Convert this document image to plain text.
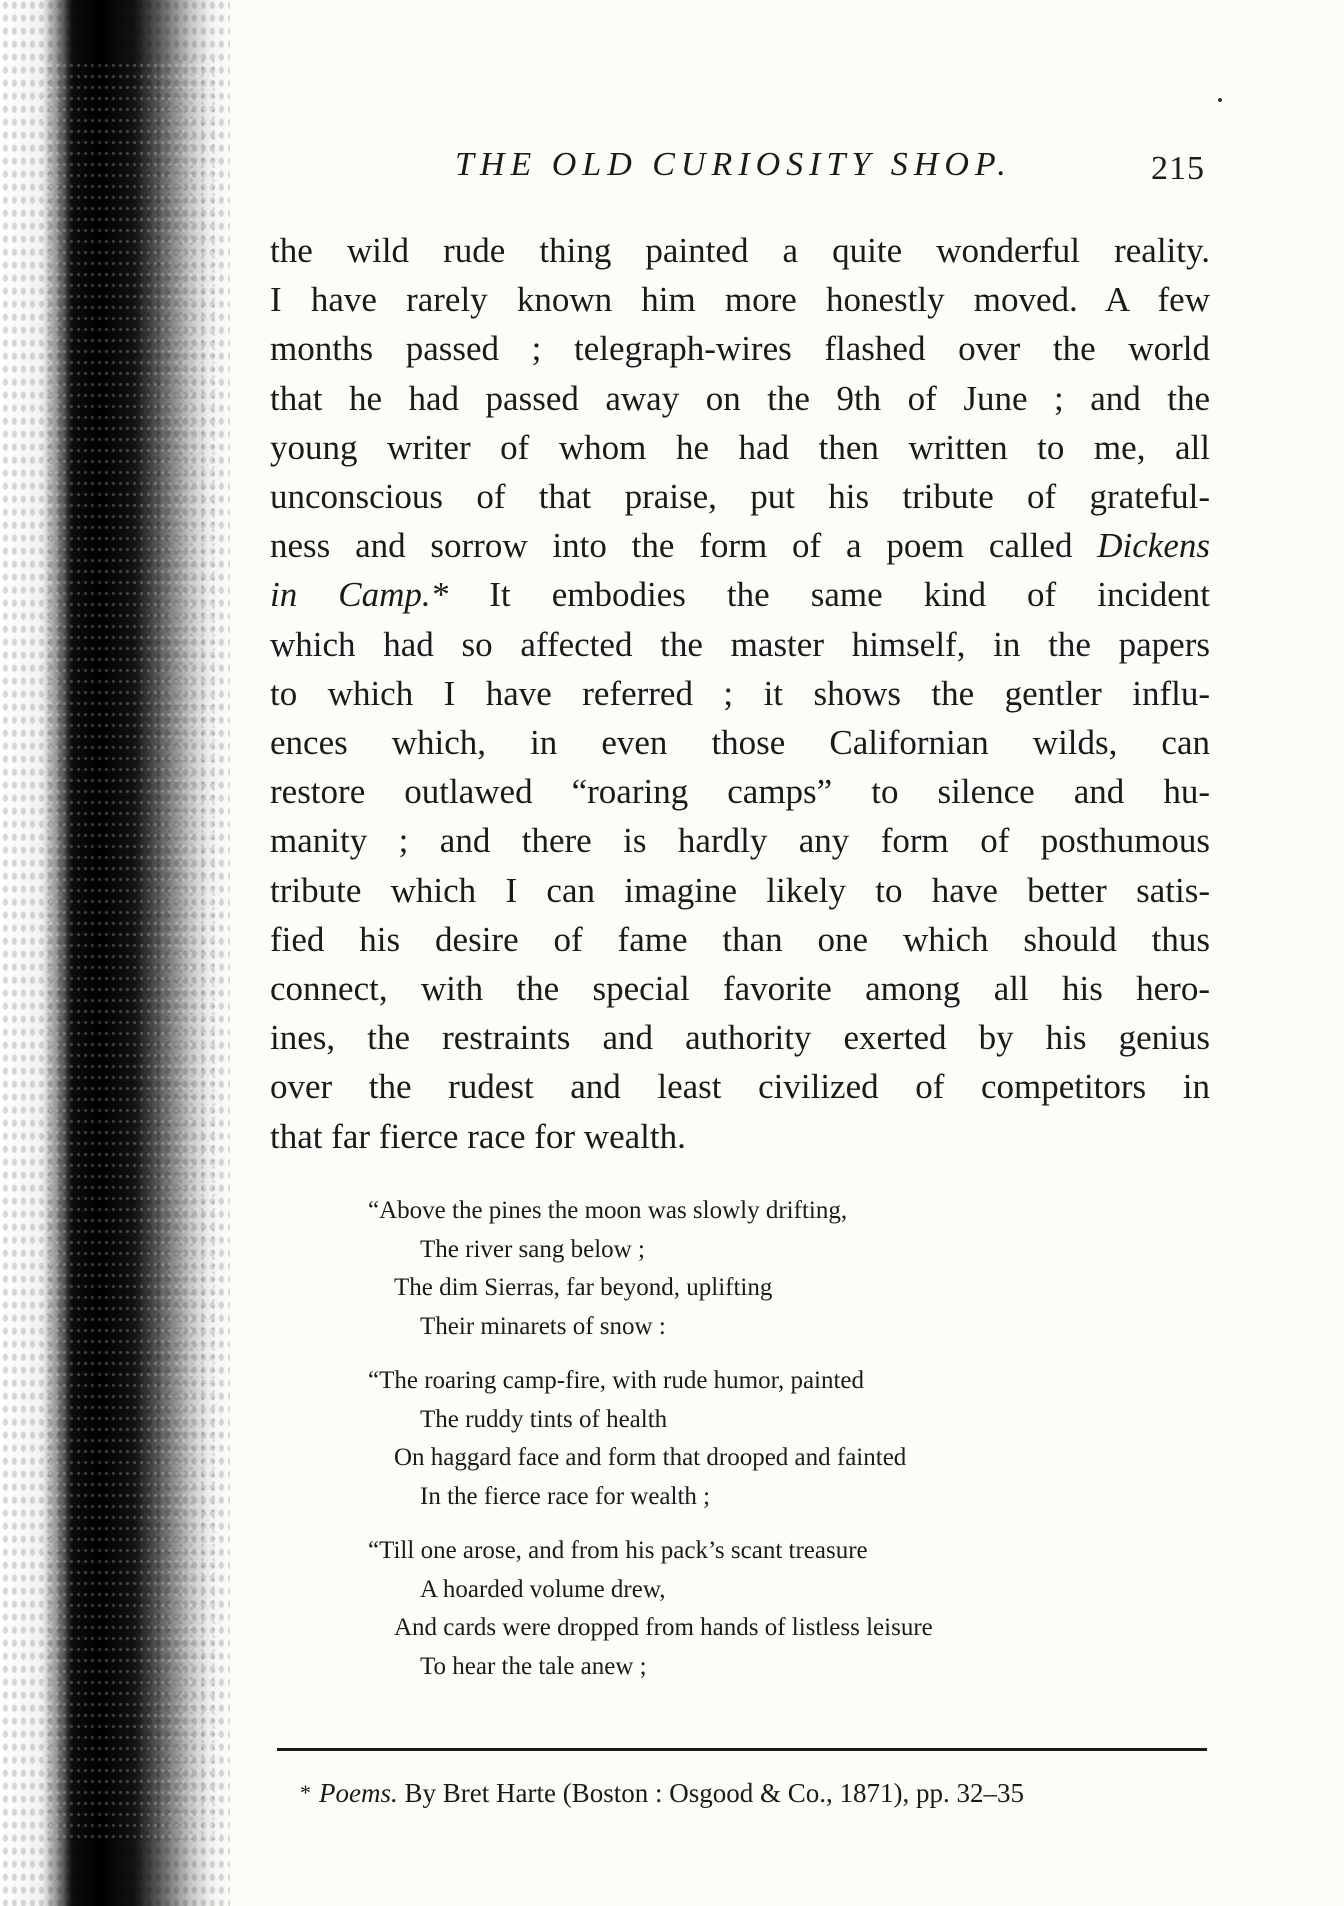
THE OLD CURIOSITY SHOP.	215
the wild rude thing painted a quite wonderful reality.
I have rarely known him more honestly moved. A few
months passed ; telegraph-wires flashed over the world
that he had passed away on the 9th of June ; and the
young writer of whom he had then written to me, all
unconscious of that praise, put his tribute of grateful-
ness and sorrow into the form of a poem called Dickens
in Camp.* It embodies the same kind of incident
which had so affected the master himself, in the papers
to which I have referred ; it shows the gentler influ-
ences which, in even those Californian wilds, can
restore outlawed “roaring camps” to silence and hu-
manity ; and there is hardly any form of posthumous
tribute which I can imagine likely to have better satis-
fied his desire of fame than one which should thus
connect, with the special favorite among all his hero-
ines, the restraints and authority exerted by his genius
over the rudest and least civilized of competitors in
that far fierce race for wealth.
“Above the pines the moon was slowly drifting,
The river sang below ;
The dim Sierras, far beyond, uplifting
Their minarets of snow :
“The roaring camp-fire, with rude humor, painted
The ruddy tints of health
On haggard face and form that drooped and fainted
In the fierce race for wealth ;
“Till one arose, and from his pack’s scant treasure
A hoarded volume drew,
And cards were dropped from hands of listless leisure
To hear the tale anew ;
* Poems. By Bret Harte (Boston : Osgood & Co., 1871), pp. 32–35
